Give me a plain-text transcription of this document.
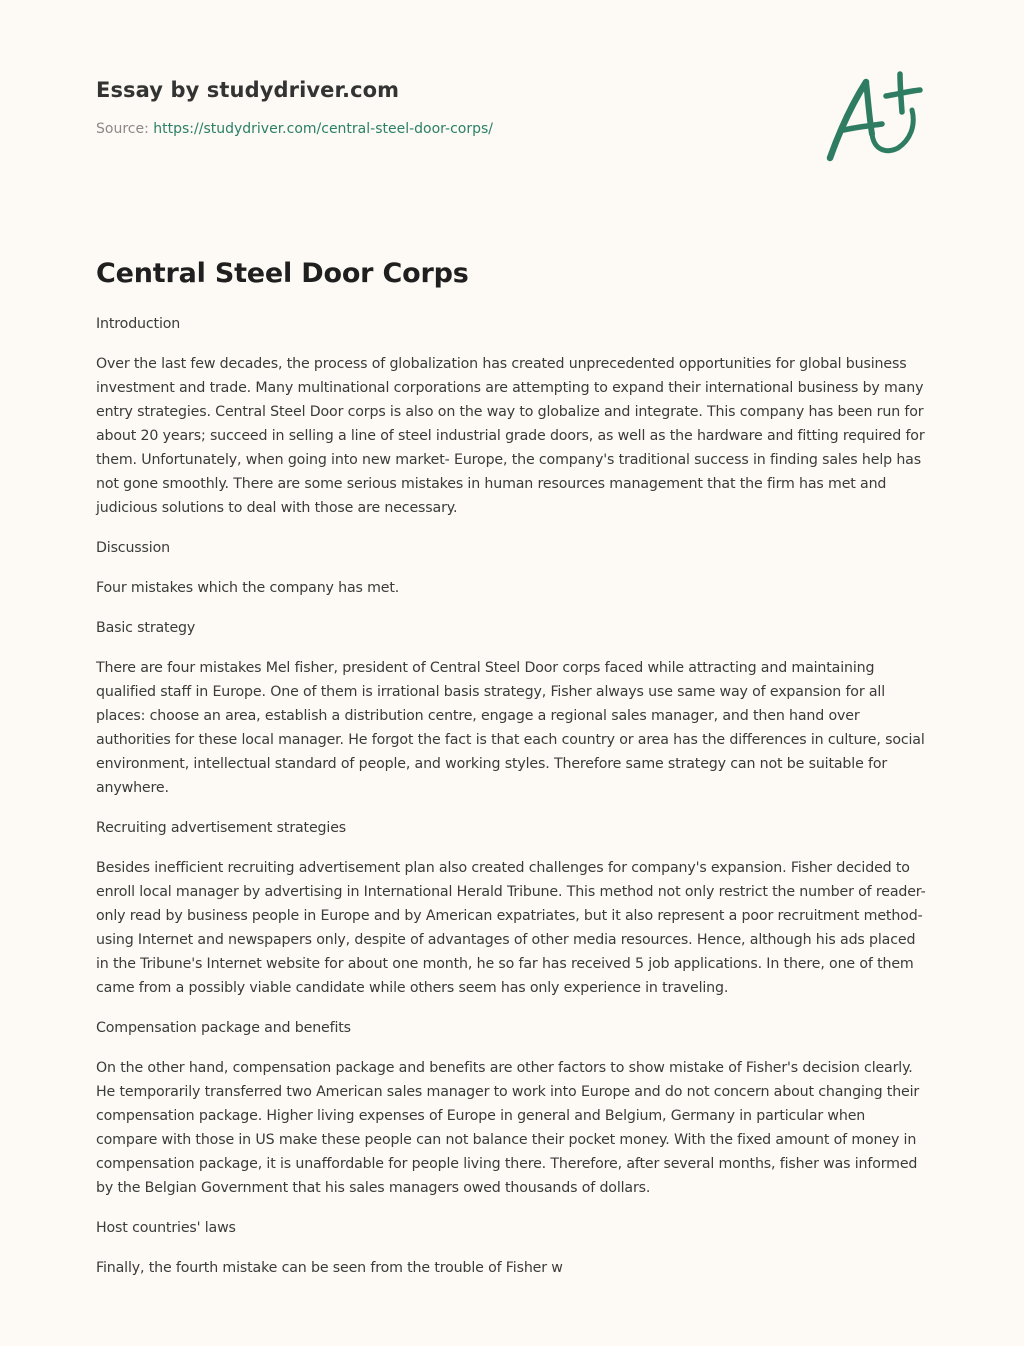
Essay by studydriver.com
Source: https://studydriver.com/central-steel-door-corps/
Central Steel Door Corps

Introduction

Over the last few decades, the process of globalization has created unprecedented opportunities for global business investment and trade. Many multinational corporations are attempting to expand their international business by many entry strategies. Central Steel Door corps is also on the way to globalize and integrate. This company has been run for about 20 years; succeed in selling a line of steel industrial grade doors, as well as the hardware and fitting required for them. Unfortunately, when going into new market- Europe, the company's traditional success in finding sales help has not gone smoothly. There are some serious mistakes in human resources management that the firm has met and judicious solutions to deal with those are necessary.

Discussion

Four mistakes which the company has met.

Basic strategy

There are four mistakes Mel fisher, president of Central Steel Door corps faced while attracting and maintaining qualified staff in Europe. One of them is irrational basis strategy, Fisher always use same way of expansion for all places: choose an area, establish a distribution centre, engage a regional sales manager, and then hand over authorities for these local manager. He forgot the fact is that each country or area has the differences in culture, social environment, intellectual standard of people, and working styles. Therefore same strategy can not be suitable for anywhere.

Recruiting advertisement strategies

Besides inefficient recruiting advertisement plan also created challenges for company's expansion. Fisher decided to enroll local manager by advertising in International Herald Tribune. This method not only restrict the number of reader- only read by business people in Europe and by American expatriates, but it also represent a poor recruitment method- using Internet and newspapers only, despite of advantages of other media resources. Hence, although his ads placed in the Tribune's Internet website for about one month, he so far has received 5 job applications. In there, one of them came from a possibly viable candidate while others seem has only experience in traveling.

Compensation package and benefits

On the other hand, compensation package and benefits are other factors to show mistake of Fisher's decision clearly. He temporarily transferred two American sales manager to work into Europe and do not concern about changing their compensation package. Higher living expenses of Europe in general and Belgium, Germany in particular when compare with those in US make these people can not balance their pocket money. With the fixed amount of money in compensation package, it is unaffordable for people living there. Therefore, after several months, fisher was informed by the Belgian Government that his sales managers owed thousands of dollars.

Host countries' laws

Finally, the fourth mistake can be seen from the trouble of Fisher w
